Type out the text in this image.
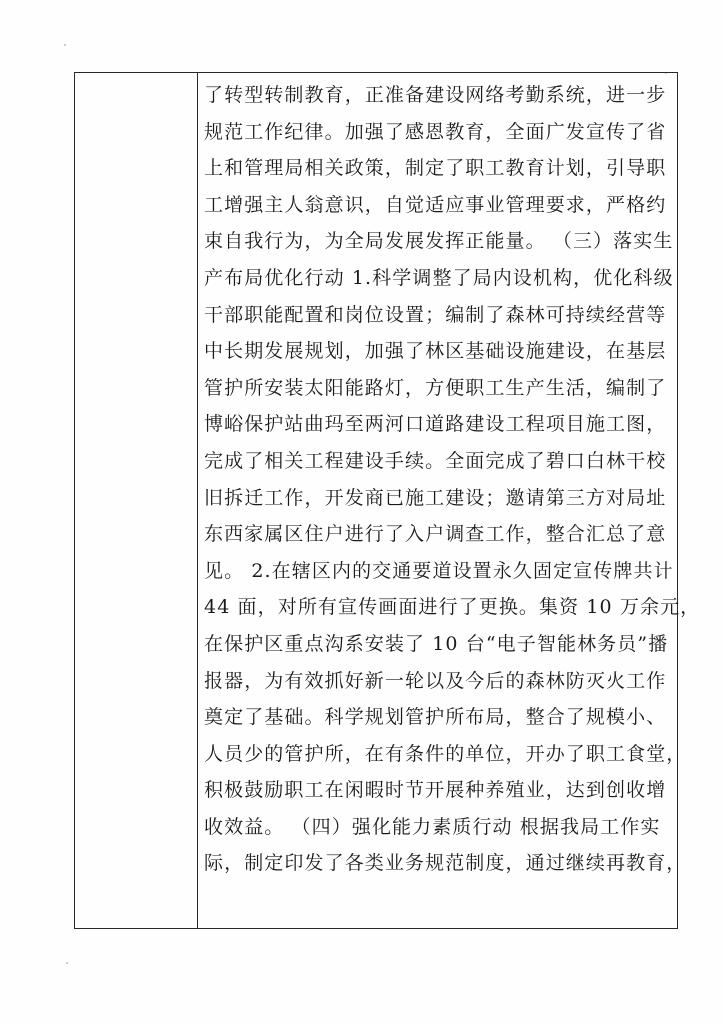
了转型转制教育，正准备建设网络考勤系统，进一步
规范工作纪律。加强了感恩教育，全面广发宣传了省
上和管理局相关政策，制定了职工教育计划，引导职
工增强主人翁意识，自觉适应事业管理要求，严格约
束自我行为，为全局发展发挥正能量。 （三）落实生
产布局优化行动 1.科学调整了局内设机构，优化科级
干部职能配置和岗位设置；编制了森林可持续经营等
中长期发展规划，加强了林区基础设施建设，在基层
管护所安装太阳能路灯，方便职工生产生活，编制了
博峪保护站曲玛至两河口道路建设工程项目施工图，
完成了相关工程建设手续。全面完成了碧口白林干校
旧拆迁工作，开发商已施工建设；邀请第三方对局址
东西家属区住户进行了入户调查工作，整合汇总了意
见。 2.在辖区内的交通要道设置永久固定宣传牌共计
44 面，对所有宣传画面进行了更换。集资 10 万余元，
在保护区重点沟系安装了 10 台“电子智能林务员”播
报器，为有效抓好新一轮以及今后的森林防灭火工作
奠定了基础。科学规划管护所布局，整合了规模小、
人员少的管护所，在有条件的单位，开办了职工食堂，
积极鼓励职工在闲暇时节开展种养殖业，达到创收增
收效益。 （四）强化能力素质行动 根据我局工作实
际，制定印发了各类业务规范制度，通过继续再教育，
